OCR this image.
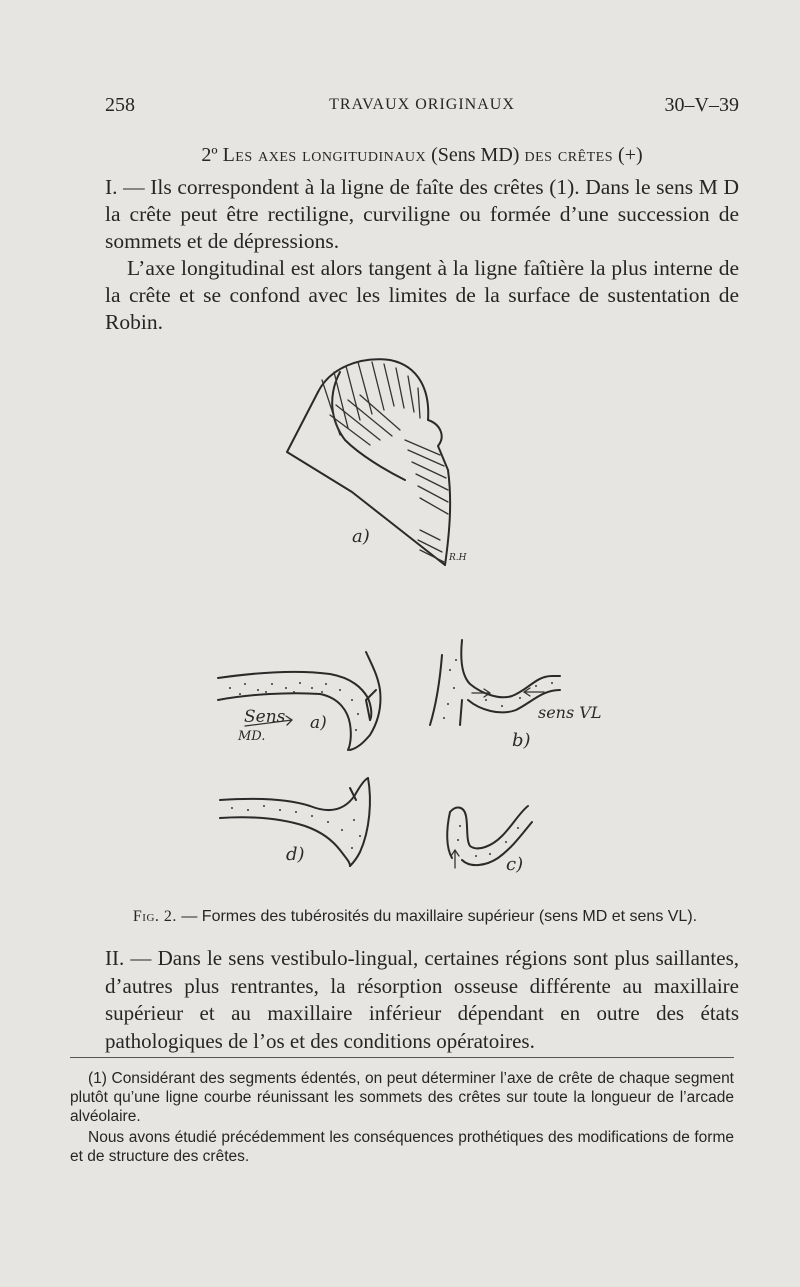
258	TRAVAUX ORIGINAUX	30–V–39
2º Les axes longitudinaux (Sens MD) des crêtes (+)

I. — Ils correspondent à la ligne de faîte des crêtes (1). Dans le sens M D la crête peut être rectiligne, curviligne ou formée d’une succession de sommets et de dépressions.

L’axe longitudinal est alors tangent à la ligne faîtière la plus interne de la crête et se confond avec les limites de la surface de sustentation de Robin.

a)
R.H
Sens
MD.
a)
sens VL
b)
d)	c)
Fig. 2. — Formes des tubérosités du maxillaire supérieur (sens MD et sens VL).

II. — Dans le sens vestibulo-lingual, certaines régions sont plus saillantes, d’autres plus rentrantes, la résorption osseuse différente au maxillaire supérieur et au maxillaire inférieur dépendant en outre des états pathologiques de l’os et des conditions opératoires.

(1) Considérant des segments édentés, on peut déterminer l’axe de crête de chaque segment plutôt qu’une ligne courbe réunissant les sommets des crêtes sur toute la longueur de l’arcade alvéolaire.

Nous avons étudié précédemment les conséquences prothétiques des modifications de forme et de structure des crêtes.
